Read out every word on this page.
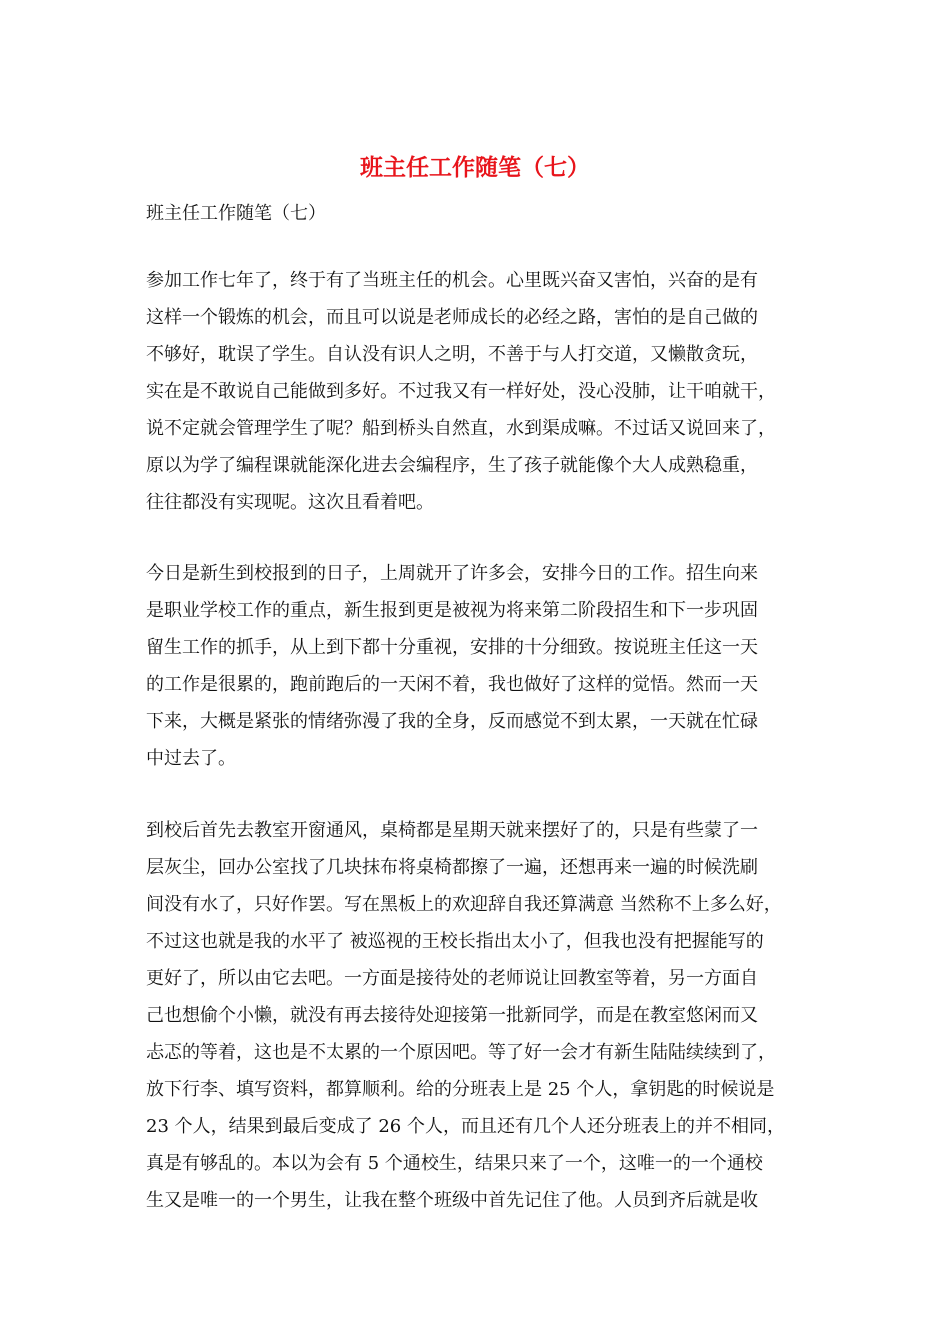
班主任工作随笔（七）
班主任工作随笔（七）
参加工作七年了，终于有了当班主任的机会。心里既兴奋又害怕，兴奋的是有
这样一个锻炼的机会，而且可以说是老师成长的必经之路，害怕的是自己做的
不够好，耽误了学生。自认没有识人之明，不善于与人打交道，又懒散贪玩，
实在是不敢说自己能做到多好。不过我又有一样好处，没心没肺，让干咱就干，
说不定就会管理学生了呢？船到桥头自然直，水到渠成嘛。不过话又说回来了，
原以为学了编程课就能深化进去会编程序，生了孩子就能像个大人成熟稳重，
往往都没有实现呢。这次且看着吧。
今日是新生到校报到的日子，上周就开了许多会，安排今日的工作。招生向来
是职业学校工作的重点，新生报到更是被视为将来第二阶段招生和下一步巩固
留生工作的抓手，从上到下都十分重视，安排的十分细致。按说班主任这一天
的工作是很累的，跑前跑后的一天闲不着，我也做好了这样的觉悟。然而一天
下来，大概是紧张的情绪弥漫了我的全身，反而感觉不到太累，一天就在忙碌
中过去了。
到校后首先去教室开窗通风，桌椅都是星期天就来摆好了的，只是有些蒙了一
层灰尘，回办公室找了几块抹布将桌椅都擦了一遍，还想再来一遍的时候洗刷
间没有水了，只好作罢。写在黑板上的欢迎辞自我还算满意 当然称不上多么好，
不过这也就是我的水平了 被巡视的王校长指出太小了，但我也没有把握能写的
更好了，所以由它去吧。一方面是接待处的老师说让回教室等着，另一方面自
己也想偷个小懒，就没有再去接待处迎接第一批新同学，而是在教室悠闲而又
忐忑的等着，这也是不太累的一个原因吧。等了好一会才有新生陆陆续续到了，
放下行李、填写资料，都算顺利。给的分班表上是 25 个人，拿钥匙的时候说是
23 个人，结果到最后变成了 26 个人，而且还有几个人还分班表上的并不相同，
真是有够乱的。本以为会有 5 个通校生，结果只来了一个，这唯一的一个通校
生又是唯一的一个男生，让我在整个班级中首先记住了他。人员到齐后就是收
